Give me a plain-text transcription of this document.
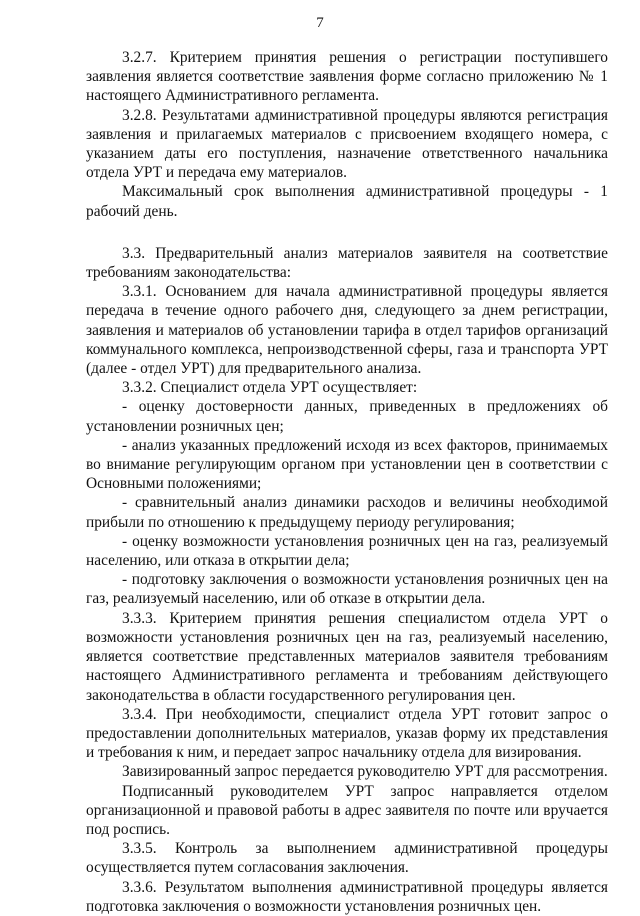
7

3.2.7. Критерием принятия решения о регистрации поступившего заявления является соответствие заявления форме согласно приложению № 1 настоящего Административного регламента.

3.2.8. Результатами административной процедуры являются регистрация заявления и прилагаемых материалов с присвоением входящего номера, с указанием даты его поступления, назначение ответственного начальника отдела УРТ и передача ему материалов.

Максимальный срок выполнения административной процедуры - 1 рабочий день.

3.3. Предварительный анализ материалов заявителя на соответствие требованиям законодательства:

3.3.1. Основанием для начала административной процедуры является передача в течение одного рабочего дня, следующего за днем регистрации, заявления и материалов об установлении тарифа в отдел тарифов организаций коммунального комплекса, непроизводственной сферы, газа и транспорта УРТ (далее - отдел УРТ) для предварительного анализа.

3.3.2. Специалист отдела УРТ осуществляет:

- оценку достоверности данных, приведенных в предложениях об установлении розничных цен;

- анализ указанных предложений исходя из всех факторов, принимаемых во внимание регулирующим органом при установлении цен в соответствии с Основными положениями;

- сравнительный анализ динамики расходов и величины необходимой прибыли по отношению к предыдущему периоду регулирования;

- оценку возможности установления розничных цен на газ, реализуемый населению, или отказа в открытии дела;

- подготовку заключения о возможности установления розничных цен на газ, реализуемый населению, или об отказе в открытии дела.

3.3.3. Критерием принятия решения специалистом отдела УРТ о возможности установления розничных цен на газ, реализуемый населению, является соответствие представленных материалов заявителя требованиям настоящего Административного регламента и требованиям действующего законодательства в области государственного регулирования цен.

3.3.4. При необходимости, специалист отдела УРТ готовит запрос о предоставлении дополнительных материалов, указав форму их представления и требования к ним, и передает запрос начальнику отдела для визирования.

Завизированный запрос передается руководителю УРТ для рассмотрения.

Подписанный руководителем УРТ запрос направляется отделом организационной и правовой работы в адрес заявителя по почте или вручается под роспись.

3.3.5. Контроль за выполнением административной процедуры осуществляется путем согласования заключения.

3.3.6. Результатом выполнения административной процедуры является подготовка заключения о возможности установления розничных цен.
